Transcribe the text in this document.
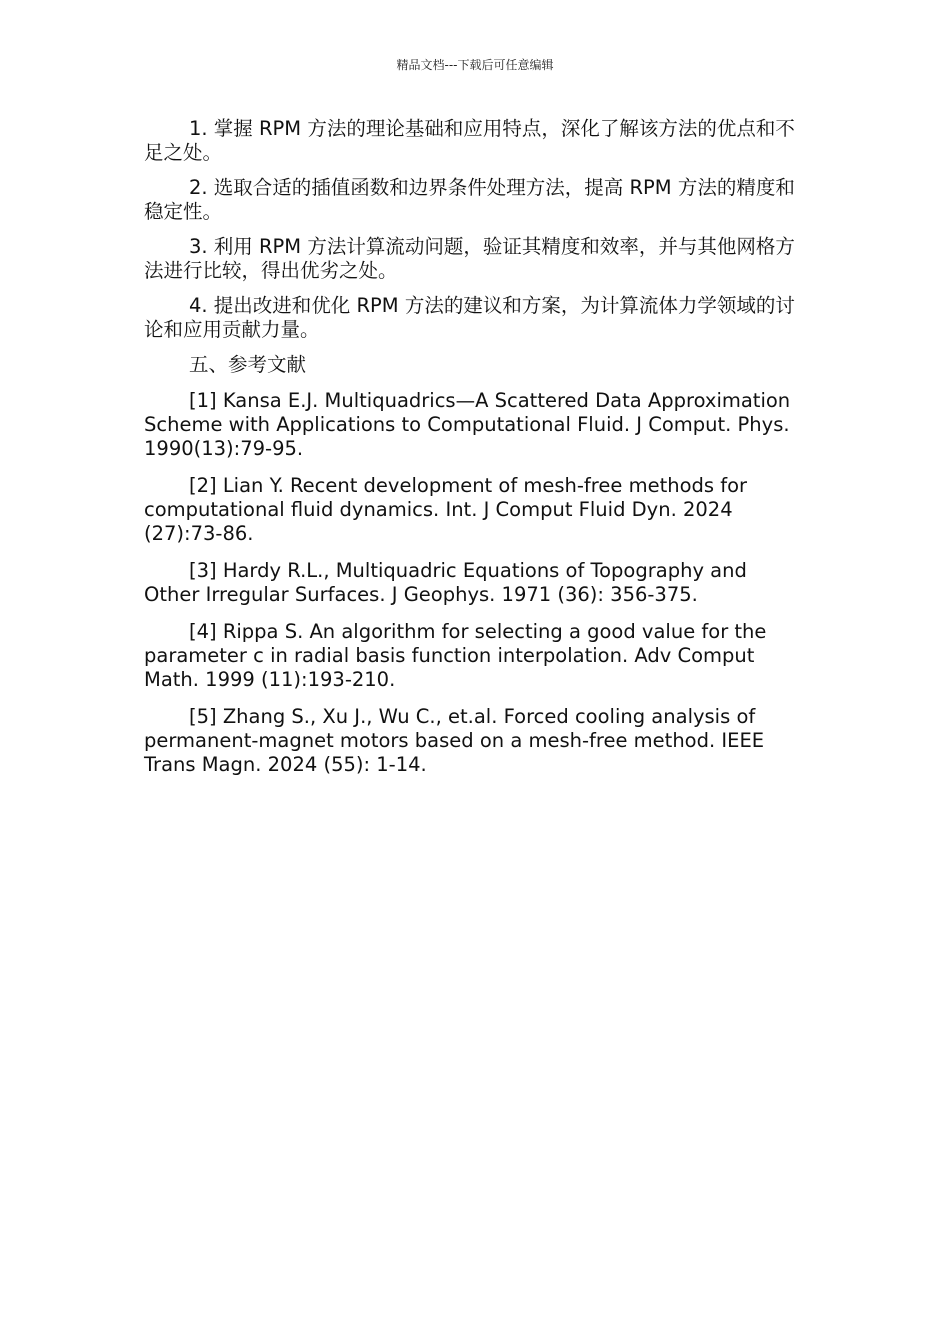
精品文档---下载后可任意编辑

1. 掌握 RPM 方法的理论基础和应用特点，深化了解该方法的优点和不足之处。

2. 选取合适的插值函数和边界条件处理方法，提高 RPM 方法的精度和稳定性。

3. 利用 RPM 方法计算流动问题，验证其精度和效率，并与其他网格方法进行比较，得出优劣之处。

4. 提出改进和优化 RPM 方法的建议和方案，为计算流体力学领域的讨论和应用贡献力量。

五、参考文献

[1] Kansa E.J. Multiquadrics—A Scattered Data Approximation Scheme with Applications to Computational Fluid. J Comput. Phys. 1990(13):79-95.

[2] Lian Y. Recent development of mesh-free methods for computational fluid dynamics. Int. J Comput Fluid Dyn. 2024 (27):73-86.

[3] Hardy R.L., Multiquadric Equations of Topography and Other Irregular Surfaces. J Geophys. 1971 (36): 356-375.

[4] Rippa S. An algorithm for selecting a good value for the parameter c in radial basis function interpolation. Adv Comput Math. 1999 (11):193-210.

[5] Zhang S., Xu J., Wu C., et.al. Forced cooling analysis of permanent-magnet motors based on a mesh-free method. IEEE Trans Magn. 2024 (55): 1-14.
